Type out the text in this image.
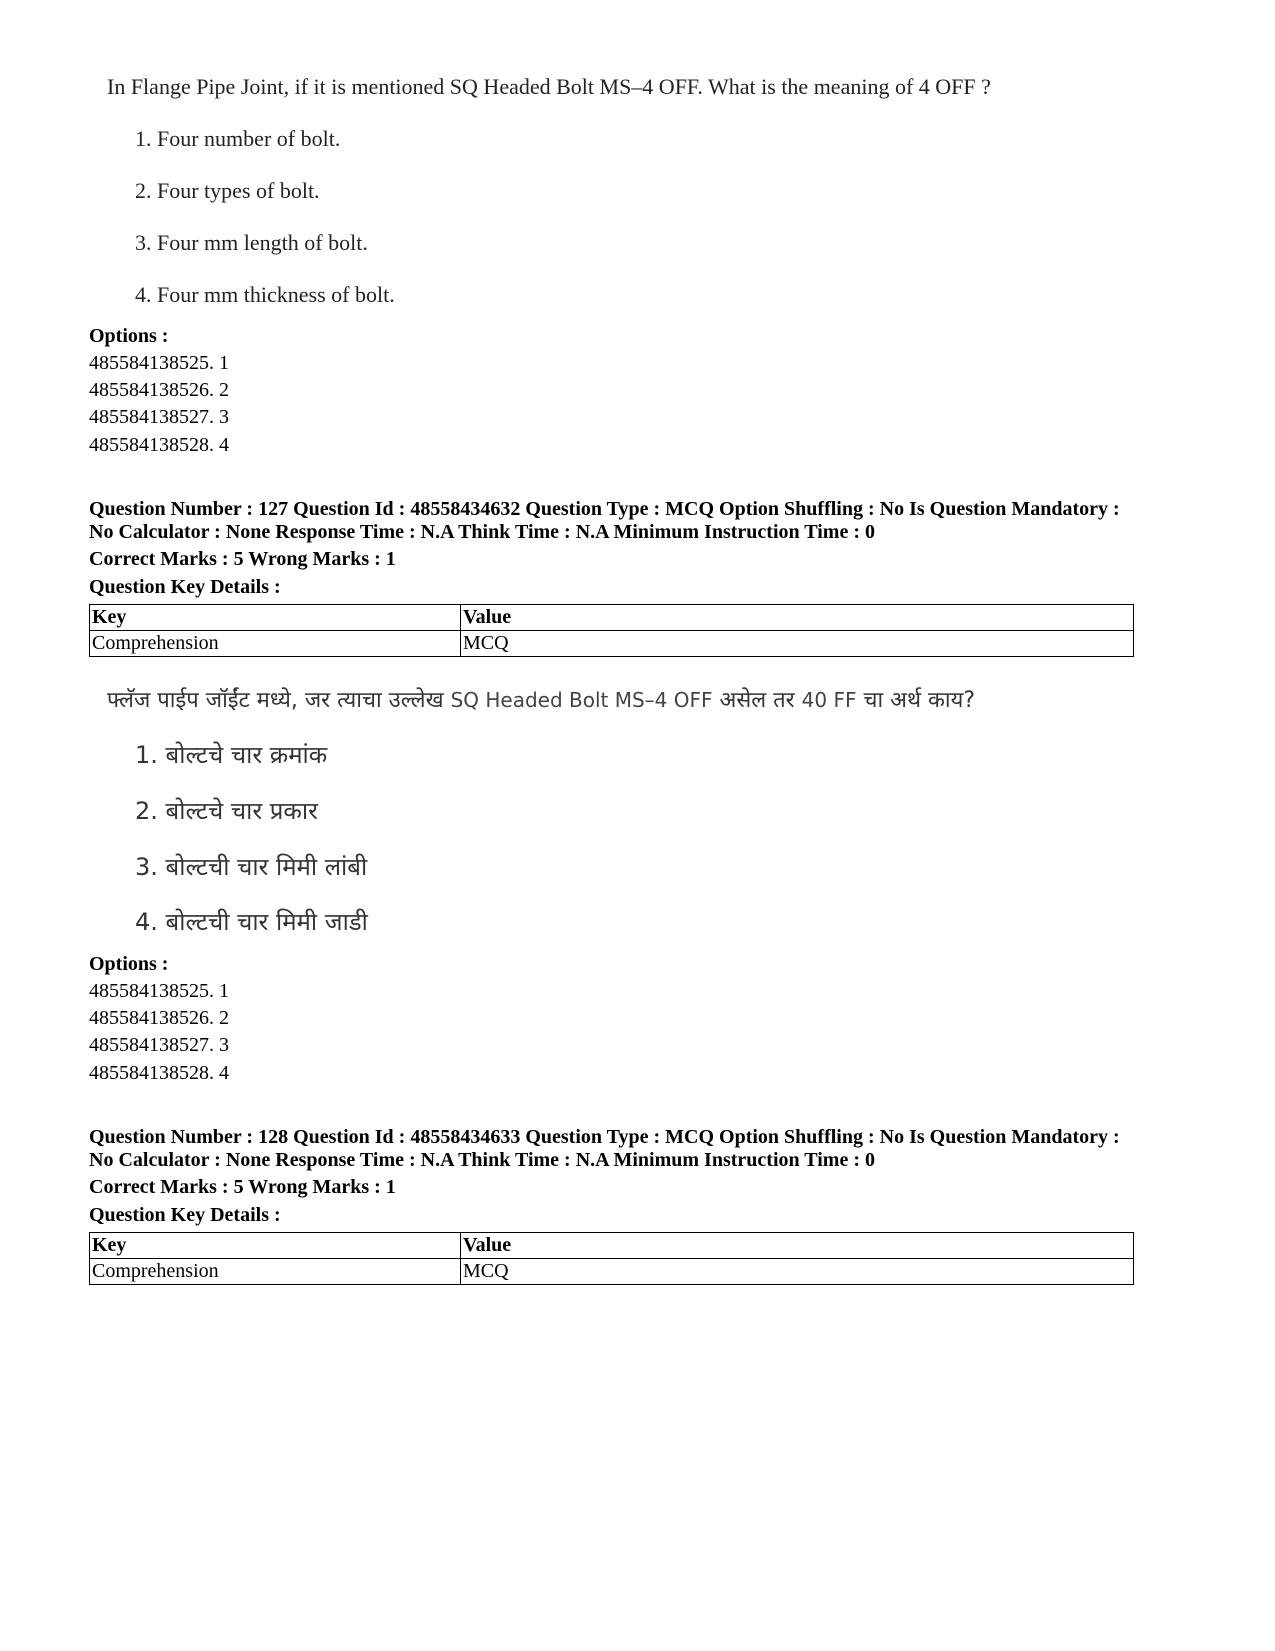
In Flange Pipe Joint, if it is mentioned SQ Headed Bolt MS–4 OFF. What is the meaning of 4 OFF ?
1. Four number of bolt.
2. Four types of bolt.
3. Four mm length of bolt.
4. Four mm thickness of bolt.
Options :
485584138525. 1
485584138526. 2
485584138527. 3
485584138528. 4
Question Number : 127 Question Id : 48558434632 Question Type : MCQ Option Shuffling : No Is Question Mandatory :
No Calculator : None Response Time : N.A Think Time : N.A Minimum Instruction Time : 0
Correct Marks : 5 Wrong Marks : 1
Question Key Details :
Key	Value
Comprehension	MCQ
फ्लॅज पाईप जॉईंट मध्ये, जर त्याचा उल्लेख SQ Headed Bolt MS–4 OFF असेल तर 40 FF चा अर्थ काय?
1. बोल्टचे चार क्रमांक
2. बोल्टचे चार प्रकार
3. बोल्टची चार मिमी लांबी
4. बोल्टची चार मिमी जाडी
Options :
485584138525. 1
485584138526. 2
485584138527. 3
485584138528. 4
Question Number : 128 Question Id : 48558434633 Question Type : MCQ Option Shuffling : No Is Question Mandatory :
No Calculator : None Response Time : N.A Think Time : N.A Minimum Instruction Time : 0
Correct Marks : 5 Wrong Marks : 1
Question Key Details :
Key	Value
Comprehension	MCQ
